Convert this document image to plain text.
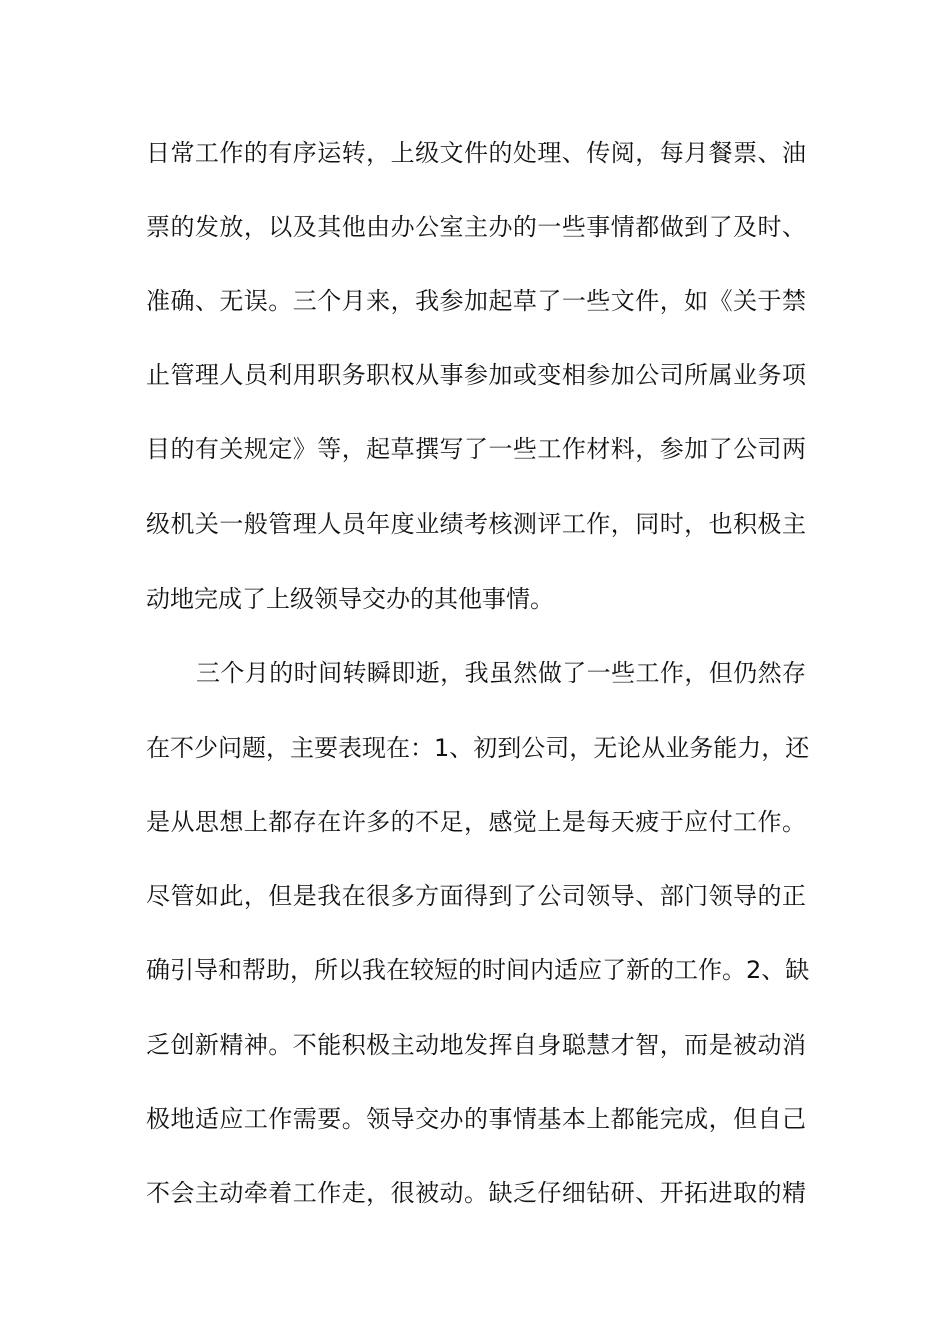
日常工作的有序运转，上级文件的处理、传阅，每月餐票、油
票的发放，以及其他由办公室主办的一些事情都做到了及时、
准确、无误。三个月来，我参加起草了一些文件，如《关于禁
止管理人员利用职务职权从事参加或变相参加公司所属业务项
目的有关规定》等，起草撰写了一些工作材料，参加了公司两
级机关一般管理人员年度业绩考核测评工作，同时，也积极主
动地完成了上级领导交办的其他事情。
三个月的时间转瞬即逝，我虽然做了一些工作，但仍然存
在不少问题，主要表现在：1、初到公司，无论从业务能力，还
是从思想上都存在许多的不足，感觉上是每天疲于应付工作。
尽管如此，但是我在很多方面得到了公司领导、部门领导的正
确引导和帮助，所以我在较短的时间内适应了新的工作。2、缺
乏创新精神。不能积极主动地发挥自身聪慧才智，而是被动消
极地适应工作需要。领导交办的事情基本上都能完成，但自己
不会主动牵着工作走，很被动。缺乏仔细钻研、开拓进取的精
